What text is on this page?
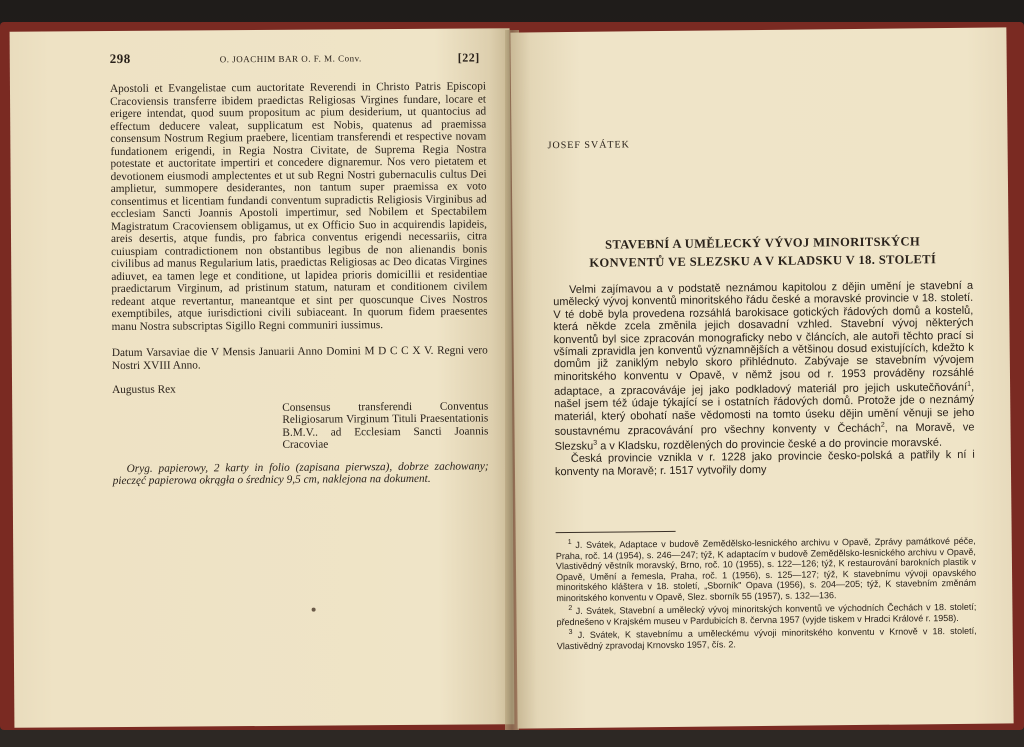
298	O. JOACHIM BAR O. F. M. Conv.	[22]

Apostoli et Evangelistae cum auctoritate Reverendi in Christo Patris Episcopi Cracoviensis transferre ibidem praedictas Religiosas Virgines fundare, locare et erigere intendat, quod suum propositum ac pium desiderium, ut quantocius ad effectum deducere valeat, supplicatum est Nobis, quatenus ad praemissa consensum Nostrum Regium praebere, licentiam transferendi et respective novam fundationem erigendi, in Regia Nostra Civitate, de Suprema Regia Nostra potestate et auctoritate impertiri et concedere dignaremur. Nos vero pietatem et devotionem eiusmodi amplectentes et ut sub Regni Nostri gubernaculis cultus Dei amplietur, summopere desiderantes, non tantum super praemissa ex voto consentimus et licentiam fundandi conventum supradictis Religiosis Virginibus ad ecclesiam Sancti Joannis Apostoli impertimur, sed Nobilem et Spectabilem Magistratum Cracoviensem obligamus, ut ex Officio Suo in acquirendis lapideis, areis desertis, atque fundis, pro fabrica conventus erigendi necessariis, citra cuiuspiam contradictionem non obstantibus legibus de non alienandis bonis civilibus ad manus Regularium latis, praedictas Religiosas ac Deo dicatas Virgines adiuvet, ea tamen lege et conditione, ut lapidea prioris domicillii et residentiae praedictarum Virginum, ad pristinum statum, naturam et conditionem civilem redeant atque revertantur, maneantque et sint per quoscunque Cives Nostros exemptibiles, atque iurisdictioni civili subiaceant. In quorum fidem praesentes manu Nostra subscriptas Sigillo Regni communiri iussimus.

Datum Varsaviae die V Mensis Januarii Anno Domini M D C C X V. Regni vero Nostri XVIII Anno.

Augustus Rex

Consensus transferendi Conventus Religiosarum Virginum Tituli Praesentationis B.M.V.. ad Ecclesiam Sancti Joannis Cracoviae

Oryg. papierowy, 2 karty in folio (zapisana pierwsza), dobrze zachowany; pieczęć papierowa okrągła o średnicy 9,5 cm, naklejona na dokument.

JOSEF SVÁTEK
STAVEBNÍ A UMĚLECKÝ VÝVOJ MINORITSKÝCH
KONVENTŮ VE SLEZSKU A V KLADSKU V 18. STOLETÍ

Velmi zajímavou a v podstatě neznámou kapitolou z dějin umění je stavební a umělecký vývoj konventů minoritského řádu české a moravské provincie v 18. století. V té době byla provedena rozsáhlá barokisace gotických řádových domů a kostelů, která někde zcela změnila jejich dosavadní vzhled. Stavební vývoj některých konventů byl sice zpracován monograficky nebo v článcích, ale autoři těchto prací si všímali zpravidla jen konventů významnějších a většinou dosud existujících, kdežto k domům již zaniklým nebylo skoro přihlédnuto. Zabývaje se stavebním vývojem minoritského konventu v Opavě, v němž jsou od r. 1953 prováděny rozsáhlé adaptace, a zpracováváje jej jako podkladový materiál pro jejich uskutečňování$^1$, našel jsem též údaje týkající se i ostatních řádových domů. Protože jde o neznámý materiál, který obohatí naše vědomosti na tomto úseku dějin umění věnuji se jeho soustavnému zpracovávání pro všechny konventy v Čechách$^2$, na Moravě, ve Slezsku$^3$ a v Kladsku, rozdělených do provincie české a do provincie moravské.

Česká provincie vznikla v r. 1228 jako provincie česko-polská a patřily k ní i konventy na Moravě; r. 1517 vytvořily domy

$^1$ J. Svátek, Adaptace v budově Zemědělsko-lesnického archivu v Opavě, Zprávy památkové péče, Praha, roč. 14 (1954), s. 246—247; týž, K adaptacím v budově Zemědělsko-lesnického archivu v Opavě, Vlastivědný věstník moravský, Brno, roč. 10 (1955), s. 122—126; týž, K restaurování barokních plastik v Opavě, Umění a řemesla, Praha, roč. 1 (1956), s. 125—127; týž, K stavebnímu vývoji opavského minoritského kláštera v 18. století, „Sborník" Opava (1956), s. 204—205; týž, K stavebním změnám minoritského konventu v Opavě, Slez. sborník 55 (1957), s. 132—136.

$^2$ J. Svátek, Stavební a umělecký vývoj minoritských konventů ve východních Čechách v 18. století; přednešeno v Krajském museu v Pardubicích 8. června 1957 (vyjde tiskem v Hradci Králové r. 1958).

$^3$ J. Svátek, K stavebnímu a uměleckému vývoji minoritského konventu v Krnově v 18. století, Vlastivědný zpravodaj Krnovsko 1957, čís. 2.
